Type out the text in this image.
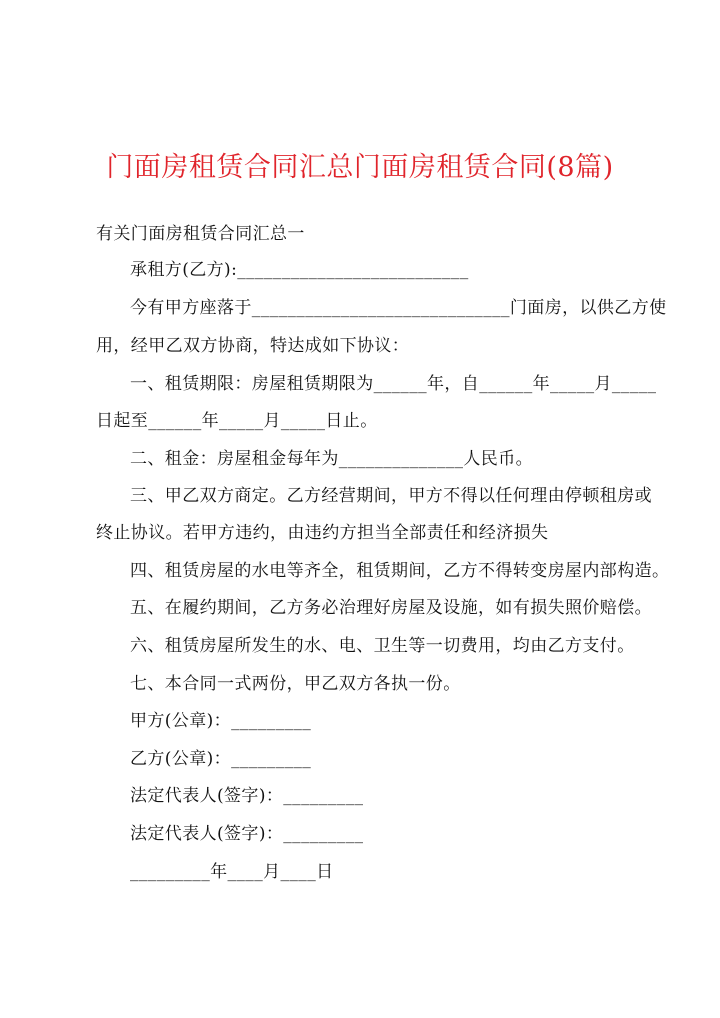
门面房租赁合同汇总门面房租赁合同(8篇)
有关门面房租赁合同汇总一
承租方(乙方):__________________________
今有甲方座落于_____________________________门面房，以供乙方使
用，经甲乙双方协商，特达成如下协议：
一、租赁期限：房屋租赁期限为______年，自______年_____月_____
日起至______年_____月_____日止。
二、租金：房屋租金每年为______________人民币。
三、甲乙双方商定。乙方经营期间，甲方不得以任何理由停顿租房或
终止协议。若甲方违约，由违约方担当全部责任和经济损失
四、租赁房屋的水电等齐全，租赁期间，乙方不得转变房屋内部构造。
五、在履约期间，乙方务必治理好房屋及设施，如有损失照价赔偿。
六、租赁房屋所发生的水、电、卫生等一切费用，均由乙方支付。
七、本合同一式两份，甲乙双方各执一份。
甲方(公章)：_________
乙方(公章)：_________
法定代表人(签字)：_________
法定代表人(签字)：_________
_________年____月____日
